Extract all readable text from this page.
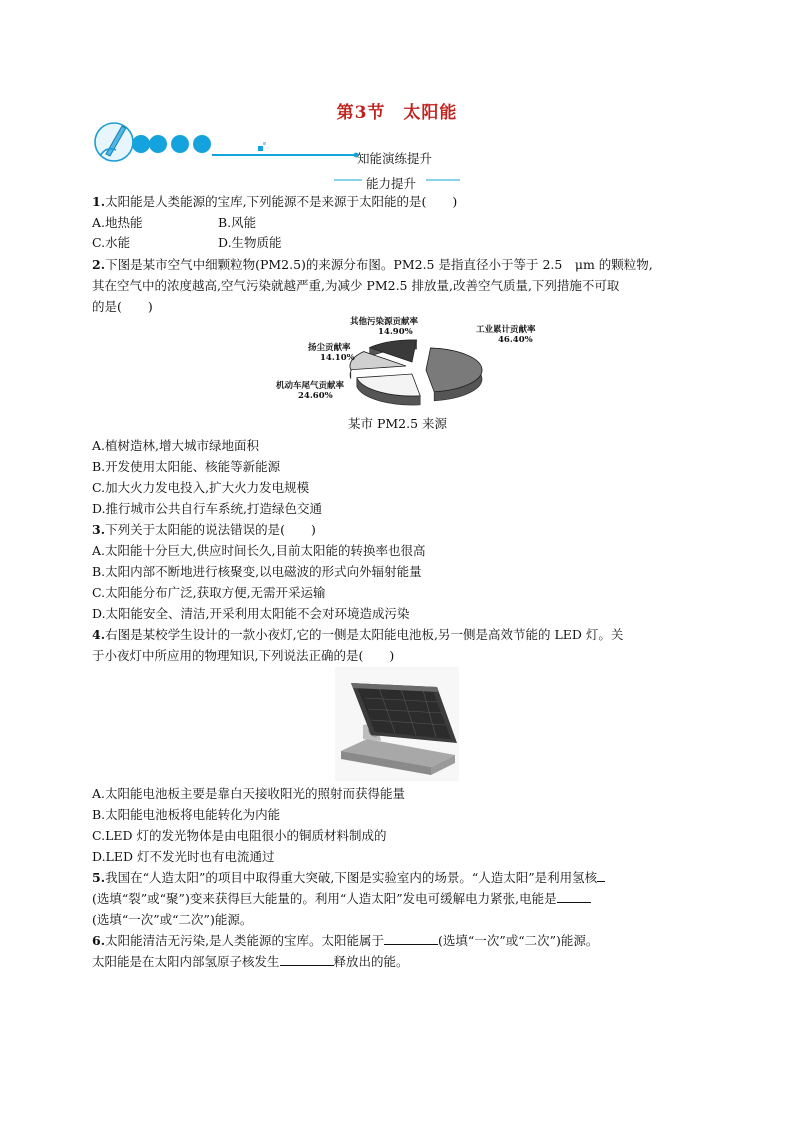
第3节　太阳能
知能演练提升
能力提升
1.太阳能是人类能源的宝库,下列能源不是来源于太阳能的是( )
A.地热能	B.风能
C.水能	D.生物质能
2.下图是某市空气中细颗粒物(PM2.5)的来源分布图。PM2.5 是指直径小于等于 2.5　μm 的颗粒物,
其在空气中的浓度越高,空气污染就越严重,为减少 PM2.5 排放量,改善空气质量,下列措施不可取
的是( )
工业累计贡献率
46.40%
机动车尾气贡献率
24.60%
扬尘贡献率
14.10%
其他污染源贡献率
14.90%
某市 PM2.5 来源
A.植树造林,增大城市绿地面积
B.开发使用太阳能、核能等新能源
C.加大火力发电投入,扩大火力发电规模
D.推行城市公共自行车系统,打造绿色交通
3.下列关于太阳能的说法错误的是( )
A.太阳能十分巨大,供应时间长久,目前太阳能的转换率也很高
B.太阳内部不断地进行核聚变,以电磁波的形式向外辐射能量
C.太阳能分布广泛,获取方便,无需开采运输
D.太阳能安全、清洁,开采利用太阳能不会对环境造成污染
4.右图是某校学生设计的一款小夜灯,它的一侧是太阳能电池板,另一侧是高效节能的 LED 灯。关
于小夜灯中所应用的物理知识,下列说法正确的是( )
A.太阳能电池板主要是靠白天接收阳光的照射而获得能量
B.太阳能电池板将电能转化为内能
C.LED 灯的发光物体是由电阻很小的铜质材料制成的
D.LED 灯不发光时也有电流通过
5.我国在“人造太阳”的项目中取得重大突破,下图是实验室内的场景。“人造太阳”是利用氢核
(选填“裂”或“聚”)变来获得巨大能量的。利用“人造太阳”发电可缓解电力紧张,电能是
(选填“一次”或“二次”)能源。
6.太阳能清洁无污染,是人类能源的宝库。太阳能属于	(选填“一次”或“二次”)能源。
太阳能是在太阳内部氢原子核发生	释放出的能。
